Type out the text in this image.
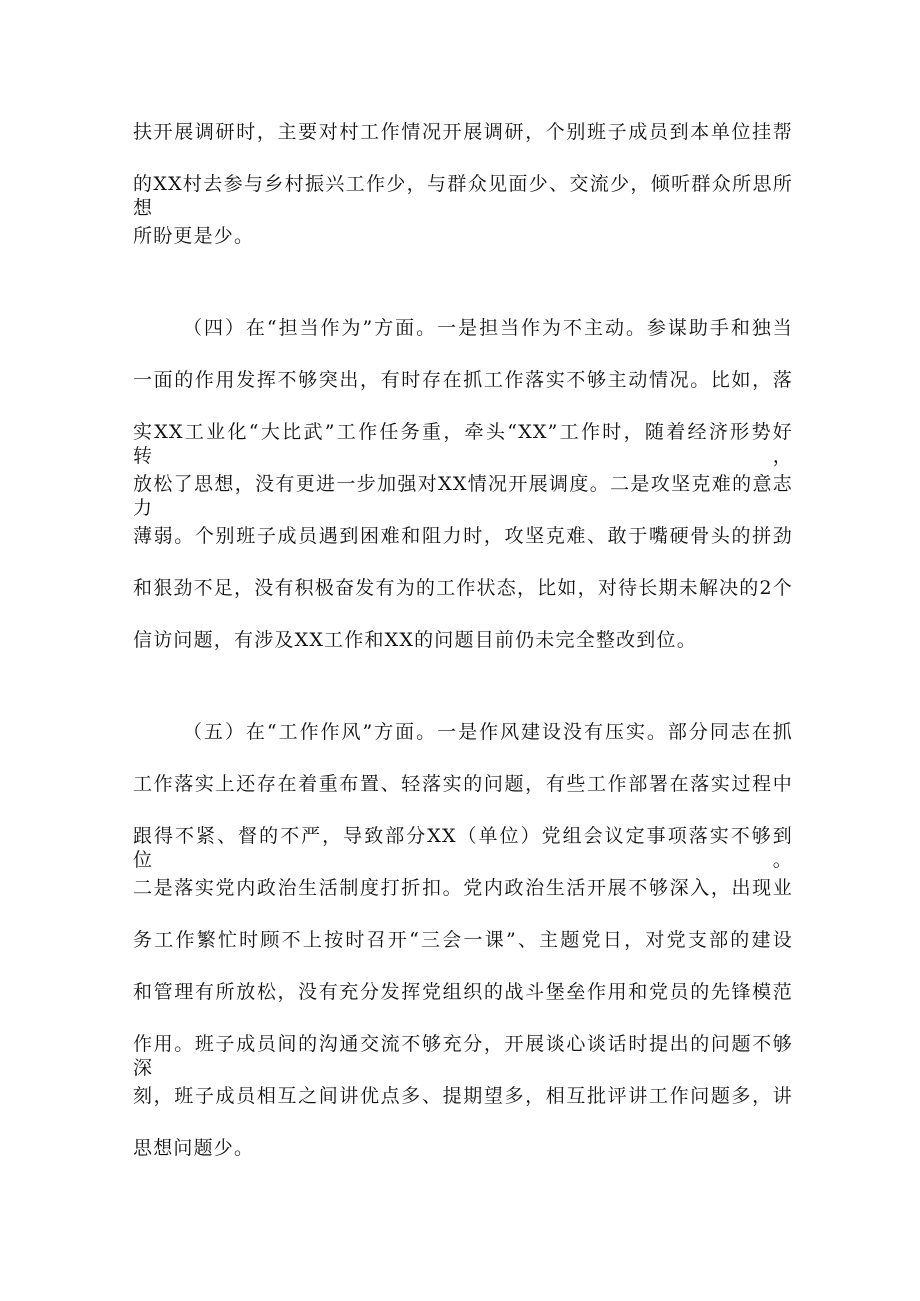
扶开展调研时，主要对村工作情况开展调研，个别班子成员到本单位挂帮
的XX村去参与乡村振兴工作少，与群众见面少、交流少，倾听群众所思所想
所盼更是少。
（四）在“担当作为”方面。一是担当作为不主动。参谋助手和独当
一面的作用发挥不够突出，有时存在抓工作落实不够主动情况。比如，落
实XX工业化“大比武”工作任务重，牵头“XX”工作时，随着经济形势好转，
放松了思想，没有更进一步加强对XX情况开展调度。二是攻坚克难的意志力
薄弱。个别班子成员遇到困难和阻力时，攻坚克难、敢于嘴硬骨头的拼劲
和狠劲不足，没有积极奋发有为的工作状态，比如，对待长期未解决的2个
信访问题，有涉及XX工作和XX的问题目前仍未完全整改到位。
（五）在“工作作风”方面。一是作风建设没有压实。部分同志在抓
工作落实上还存在着重布置、轻落实的问题，有些工作部署在落实过程中
跟得不紧、督的不严，导致部分XX（单位）党组会议定事项落实不够到位。
二是落实党内政治生活制度打折扣。党内政治生活开展不够深入，出现业
务工作繁忙时顾不上按时召开“三会一课”、主题党日，对党支部的建设
和管理有所放松，没有充分发挥党组织的战斗堡垒作用和党员的先锋模范
作用。班子成员间的沟通交流不够充分，开展谈心谈话时提出的问题不够深
刻，班子成员相互之间讲优点多、提期望多，相互批评讲工作问题多，讲
思想问题少。
